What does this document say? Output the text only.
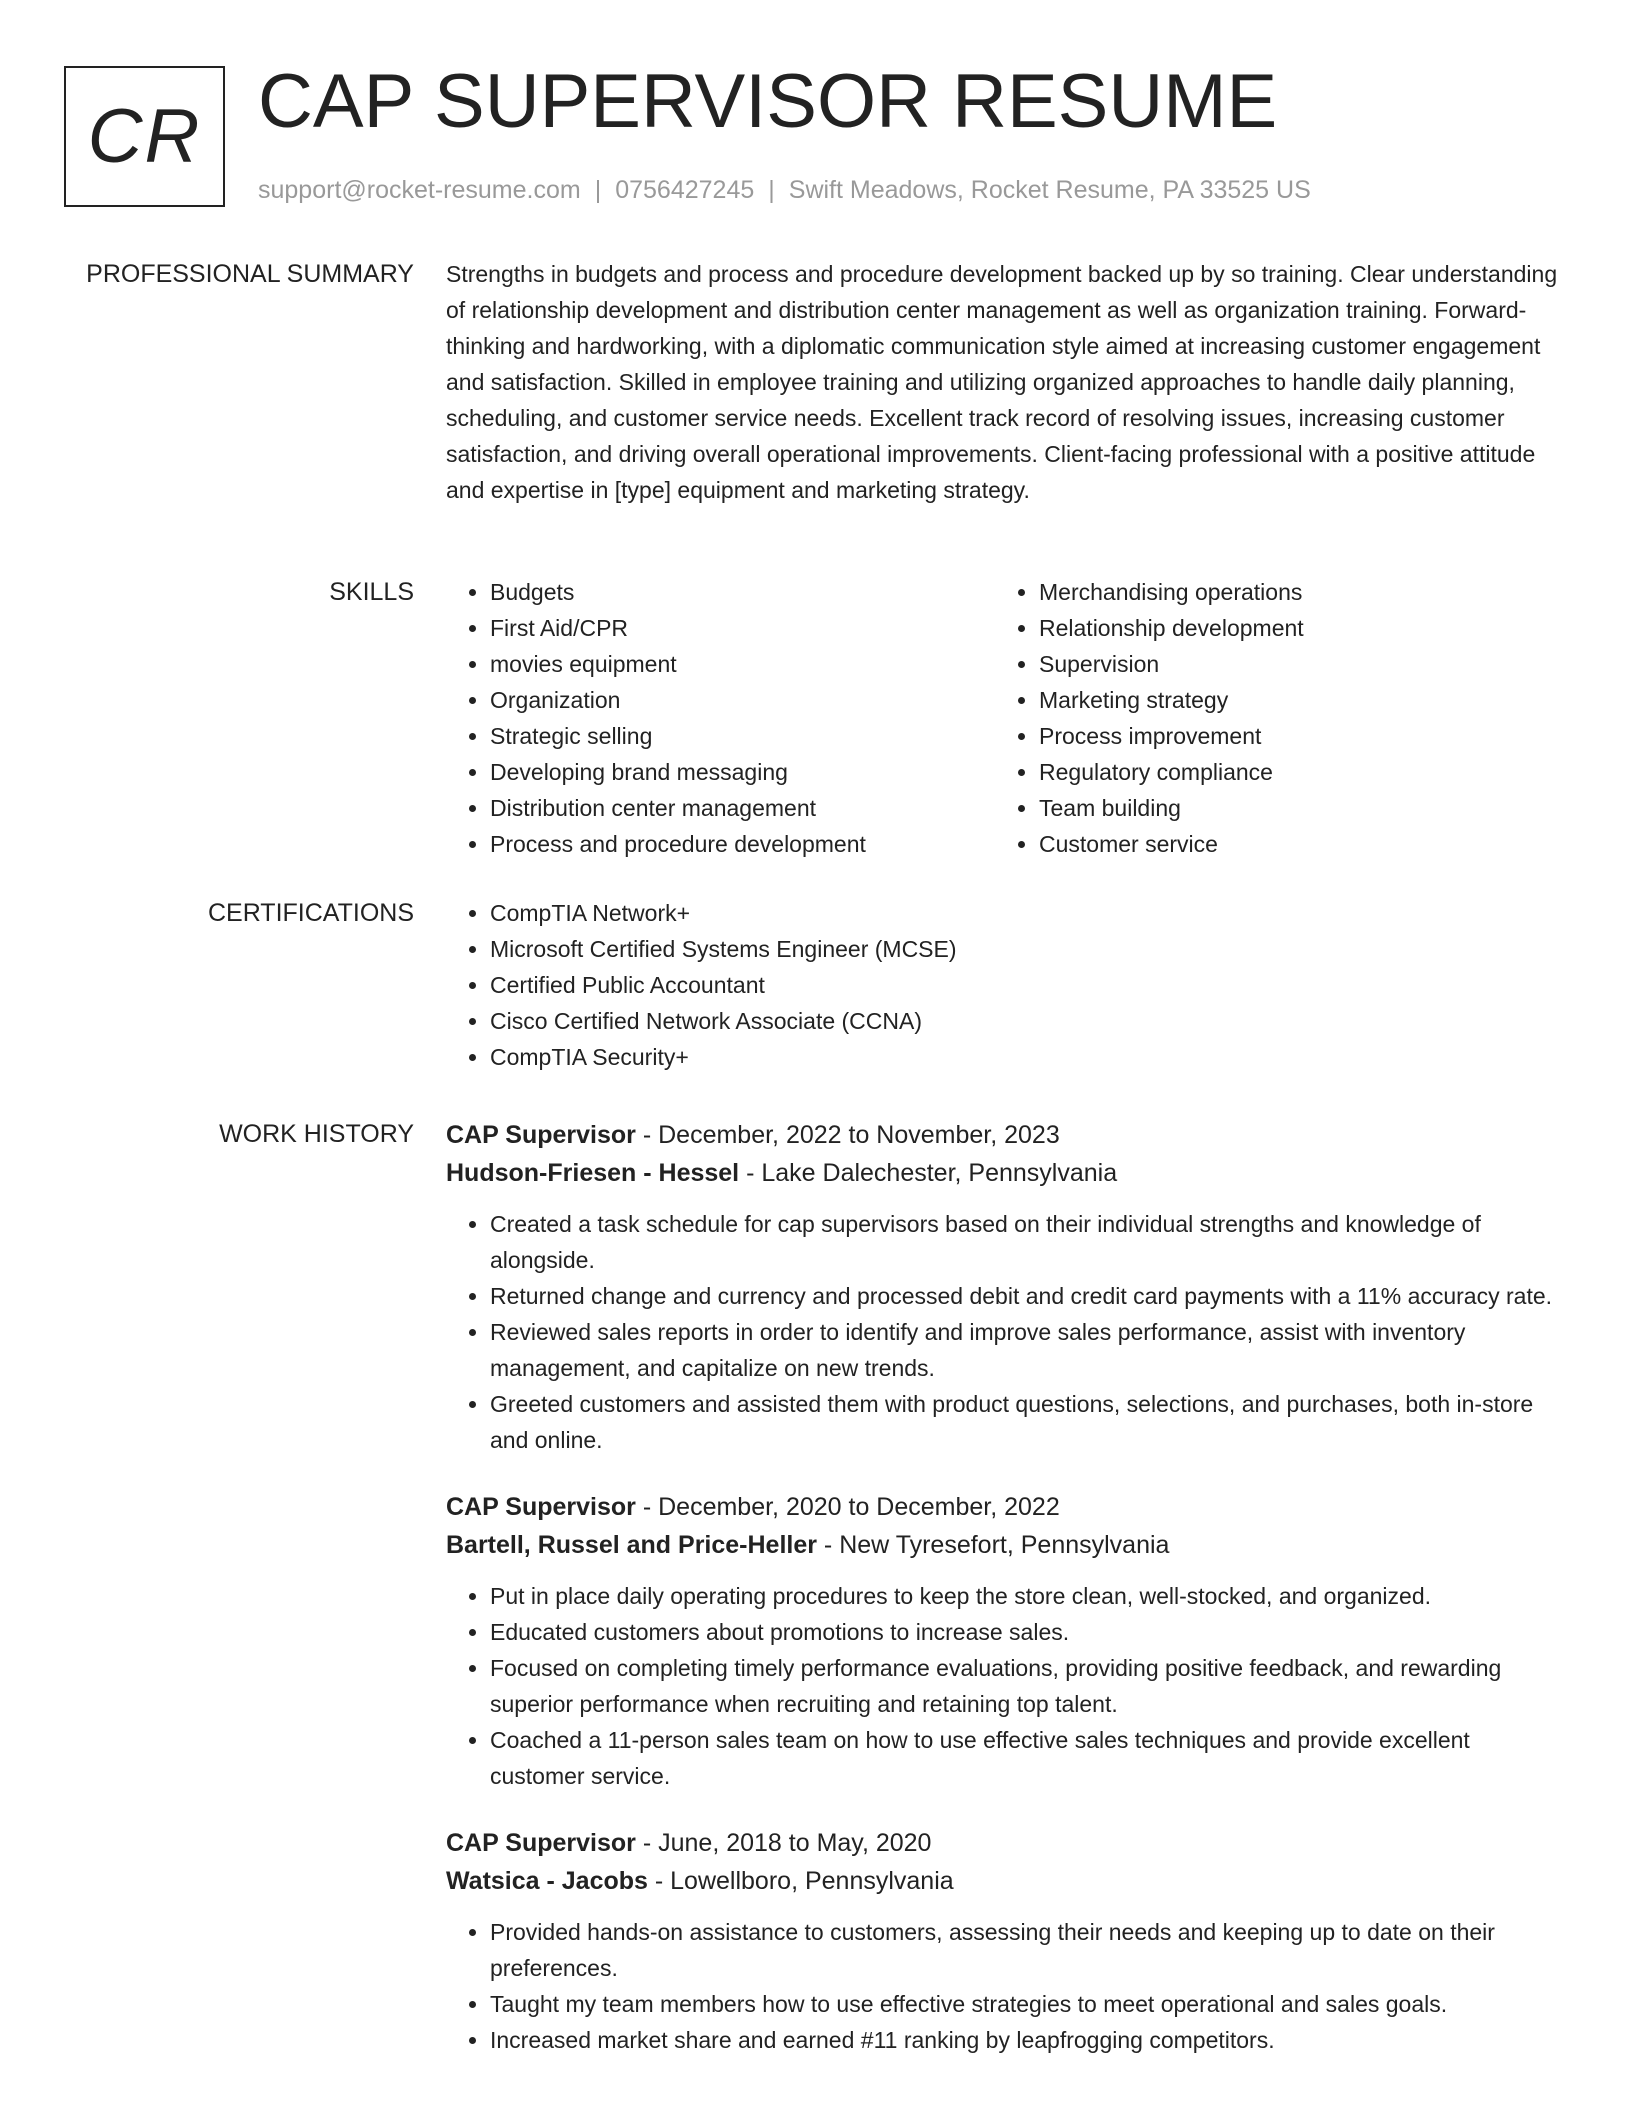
CR CAP SUPERVISOR RESUME
support@rocket-resume.com | 0756427245 | Swift Meadows, Rocket Resume, PA 33525 US
PROFESSIONAL SUMMARY Strengths in budgets and process and procedure development backed up by so training. Clear understanding of relationship development and distribution center management as well as organization training. Forward-thinking and hardworking, with a diplomatic communication style aimed at increasing customer engagement and satisfaction. Skilled in employee training and utilizing organized approaches to handle daily planning, scheduling, and customer service needs. Excellent track record of resolving issues, increasing customer satisfaction, and driving overall operational improvements. Client-facing professional with a positive attitude and expertise in [type] equipment and marketing strategy.

SKILLS	• Budgets
• First Aid/CPR
• movies equipment
• Organization
• Strategic selling
• Developing brand messaging
• Distribution center management
• Process and procedure development
• Merchandising operations
• Relationship development
• Supervision
• Marketing strategy
• Process improvement
• Regulatory compliance
• Team building
• Customer service
CERTIFICATIONS	• CompTIA Network+
• Microsoft Certified Systems Engineer (MCSE)
• Certified Public Accountant
• Cisco Certified Network Associate (CCNA)
• CompTIA Security+
WORK HISTORY CAP Supervisor - December, 2022 to November, 2023
Hudson-Friesen - Hessel - Lake Dalechester, Pennsylvania
• Created a task schedule for cap supervisors based on their individual strengths and knowledge of alongside.
• Returned change and currency and processed debit and credit card payments with a 11% accuracy rate.
• Reviewed sales reports in order to identify and improve sales performance, assist with inventory management, and capitalize on new trends.
• Greeted customers and assisted them with product questions, selections, and purchases, both in-store and online.
CAP Supervisor - December, 2020 to December, 2022
Bartell, Russel and Price-Heller - New Tyresefort, Pennsylvania
• Put in place daily operating procedures to keep the store clean, well-stocked, and organized.
• Educated customers about promotions to increase sales.
• Focused on completing timely performance evaluations, providing positive feedback, and rewarding superior performance when recruiting and retaining top talent.
• Coached a 11-person sales team on how to use effective sales techniques and provide excellent customer service.
CAP Supervisor - June, 2018 to May, 2020
Watsica - Jacobs - Lowellboro, Pennsylvania
• Provided hands-on assistance to customers, assessing their needs and keeping up to date on their preferences.
• Taught my team members how to use effective strategies to meet operational and sales goals.
• Increased market share and earned #11 ranking by leapfrogging competitors.
